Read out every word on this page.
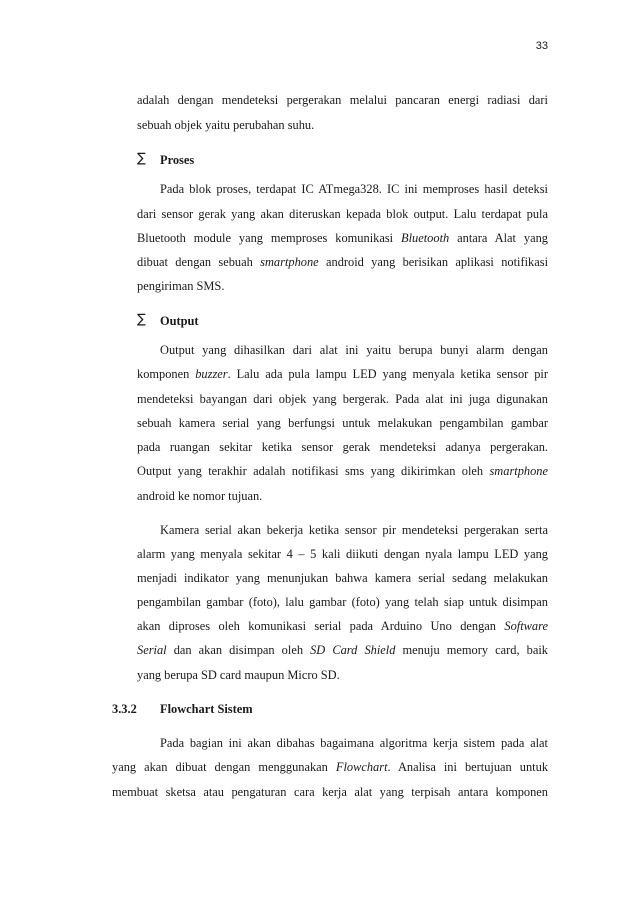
33
adalah dengan mendeteksi pergerakan melalui pancaran energi radiasi dari
sebuah objek yaitu perubahan suhu.
∑ Proses
Pada blok proses, terdapat IC ATmega328. IC ini memproses hasil deteksi
dari sensor gerak yang akan diteruskan kepada blok output. Lalu terdapat pula
Bluetooth module yang memproses komunikasi Bluetooth antara Alat yang
dibuat dengan sebuah smartphone android yang berisikan aplikasi notifikasi
pengiriman SMS.
∑ Output
Output yang dihasilkan dari alat ini yaitu berupa bunyi alarm dengan
komponen buzzer. Lalu ada pula lampu LED yang menyala ketika sensor pir
mendeteksi bayangan dari objek yang bergerak. Pada alat ini juga digunakan
sebuah kamera serial yang berfungsi untuk melakukan pengambilan gambar
pada ruangan sekitar ketika sensor gerak mendeteksi adanya pergerakan.
Output yang terakhir adalah notifikasi sms yang dikirimkan oleh smartphone
android ke nomor tujuan.
Kamera serial akan bekerja ketika sensor pir mendeteksi pergerakan serta
alarm yang menyala sekitar 4 – 5 kali diikuti dengan nyala lampu LED yang
menjadi indikator yang menunjukan bahwa kamera serial sedang melakukan
pengambilan gambar (foto), lalu gambar (foto) yang telah siap untuk disimpan
akan diproses oleh komunikasi serial pada Arduino Uno dengan Software
Serial dan akan disimpan oleh SD Card Shield menuju memory card, baik
yang berupa SD card maupun Micro SD.
3.3.2 Flowchart Sistem
Pada bagian ini akan dibahas bagaimana algoritma kerja sistem pada alat
yang akan dibuat dengan menggunakan Flowchart. Analisa ini bertujuan untuk
membuat sketsa atau pengaturan cara kerja alat yang terpisah antara komponen
